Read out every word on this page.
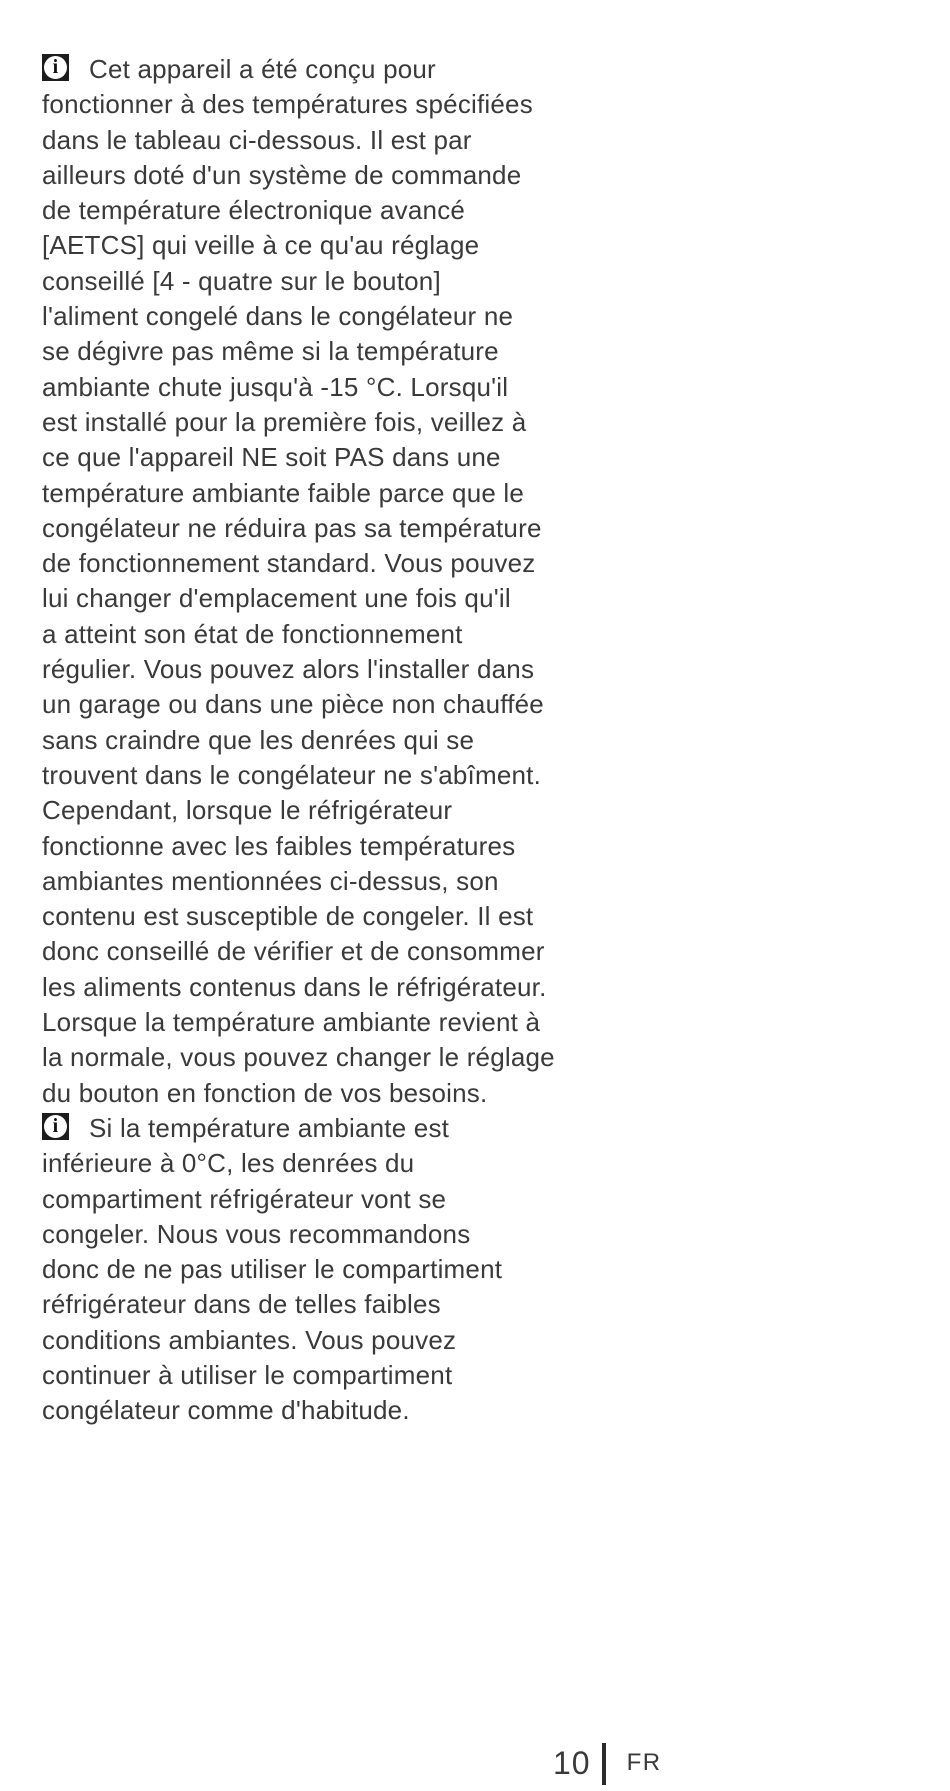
i	Cet appareil a été conçu pour
fonctionner à des températures spécifiées
dans le tableau ci-dessous. Il est par
ailleurs doté d'un système de commande
de température électronique avancé
[AETCS] qui veille à ce qu'au réglage
conseillé [4 - quatre sur le bouton]
l'aliment congelé dans le congélateur ne
se dégivre pas même si la température
ambiante chute jusqu'à -15 °C. Lorsqu'il
est installé pour la première fois, veillez à
ce que l'appareil NE soit PAS dans une
température ambiante faible parce que le
congélateur ne réduira pas sa température
de fonctionnement standard. Vous pouvez
lui changer d'emplacement une fois qu'il
a atteint son état de fonctionnement
régulier. Vous pouvez alors l'installer dans
un garage ou dans une pièce non chauffée
sans craindre que les denrées qui se
trouvent dans le congélateur ne s'abîment.
Cependant, lorsque le réfrigérateur
fonctionne avec les faibles températures
ambiantes mentionnées ci-dessus, son
contenu est susceptible de congeler. Il est
donc conseillé de vérifier et de consommer
les aliments contenus dans le réfrigérateur.
Lorsque la température ambiante revient à
la normale, vous pouvez changer le réglage
du bouton en fonction de vos besoins.
i	Si la température ambiante est
inférieure à 0°C, les denrées du
compartiment réfrigérateur vont se
congeler. Nous vous recommandons
donc de ne pas utiliser le compartiment
réfrigérateur dans de telles faibles
conditions ambiantes. Vous pouvez
continuer à utiliser le compartiment
congélateur comme d'habitude.
10 FR
